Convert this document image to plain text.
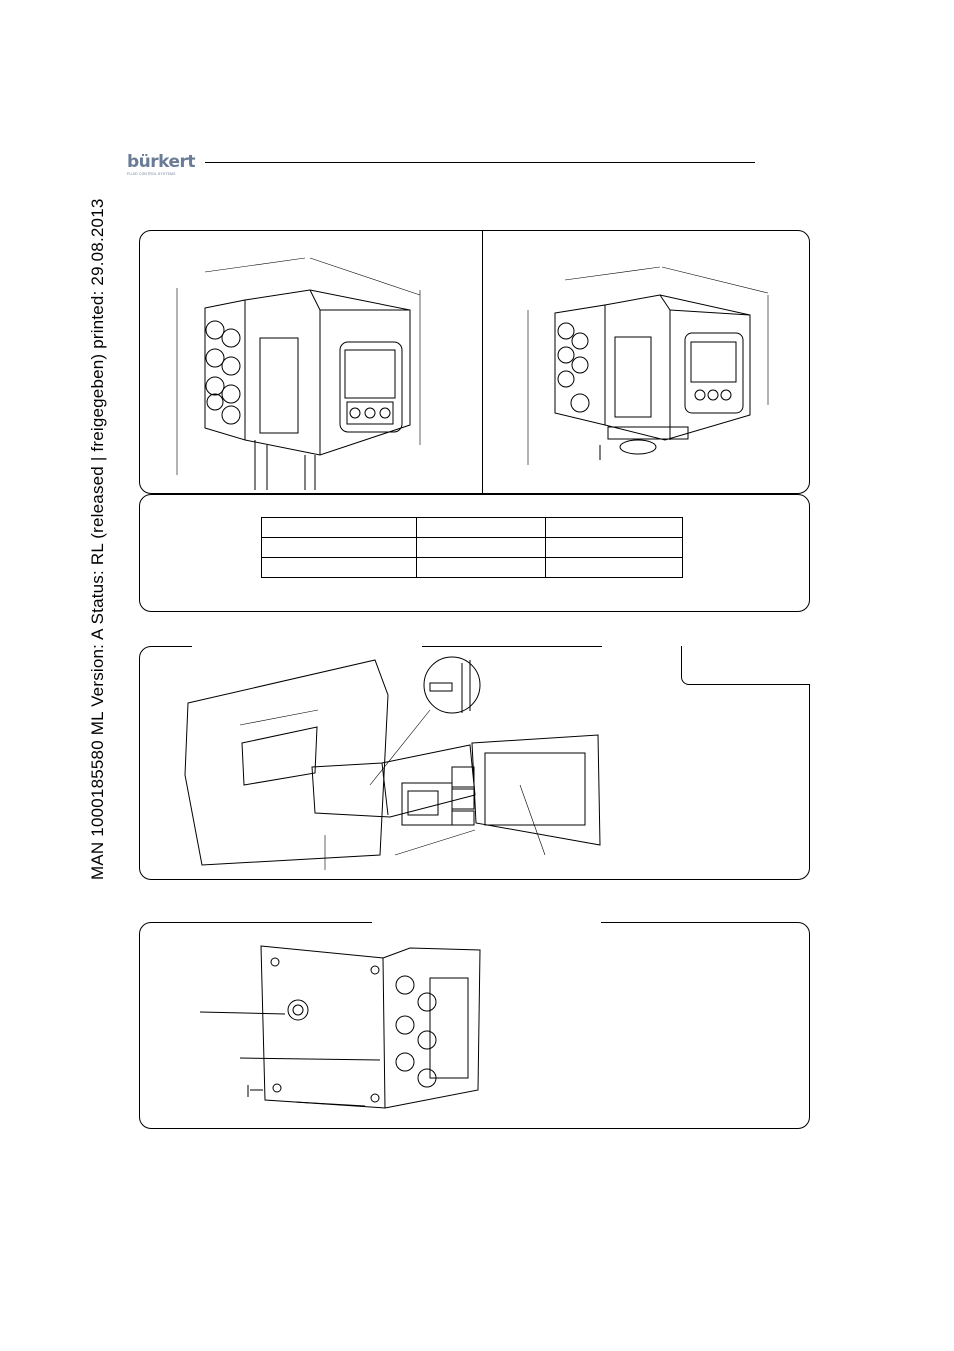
MAN 1000185580 ML Version: A Status: RL (released | freigegeben) printed: 29.08.2013
bürkert
FLUID CONTROL SYSTEMS
